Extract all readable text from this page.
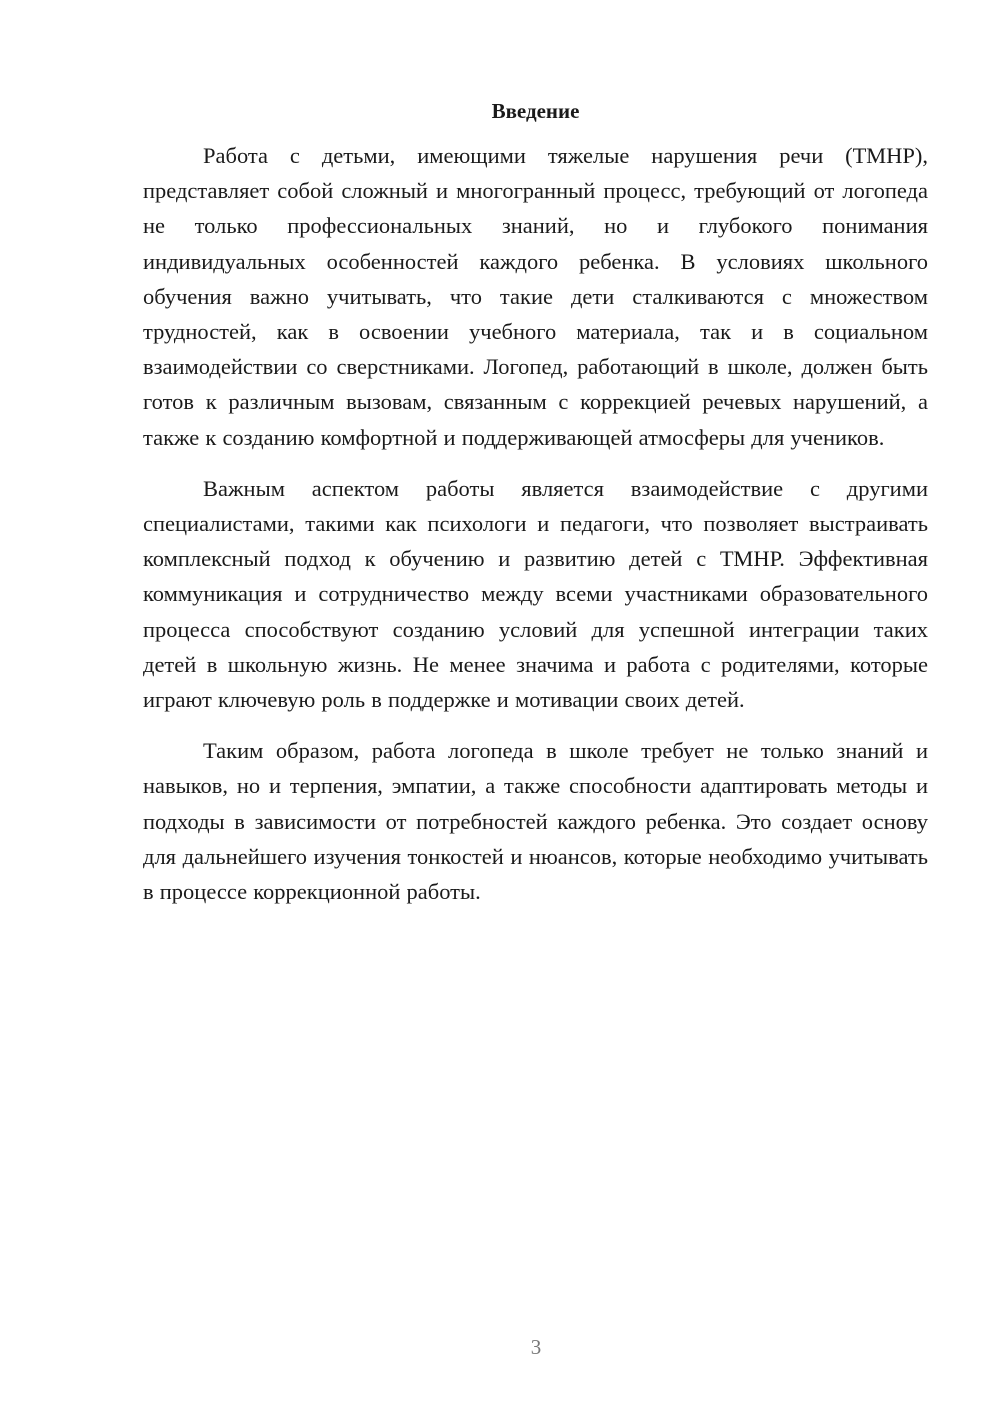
Введение

Работа с детьми, имеющими тяжелые нарушения речи (ТМНР), представляет собой сложный и многогранный процесс, требующий от логопеда не только профессиональных знаний, но и глубокого понимания индивидуальных особенностей каждого ребенка. В условиях школьного обучения важно учитывать, что такие дети сталкиваются с множеством трудностей, как в освоении учебного материала, так и в социальном взаимодействии со сверстниками. Логопед, работающий в школе, должен быть готов к различным вызовам, связанным с коррекцией речевых нарушений, а также к созданию комфортной и поддерживающей атмосферы для учеников.

Важным аспектом работы является взаимодействие с другими специалистами, такими как психологи и педагоги, что позволяет выстраивать комплексный подход к обучению и развитию детей с ТМНР. Эффективная коммуникация и сотрудничество между всеми участниками образовательного процесса способствуют созданию условий для успешной интеграции таких детей в школьную жизнь. Не менее значима и работа с родителями, которые играют ключевую роль в поддержке и мотивации своих детей.

Таким образом, работа логопеда в школе требует не только знаний и навыков, но и терпения, эмпатии, а также способности адаптировать методы и подходы в зависимости от потребностей каждого ребенка. Это создает основу для дальнейшего изучения тонкостей и нюансов, которые необходимо учитывать в процессе коррекционной работы.

3
